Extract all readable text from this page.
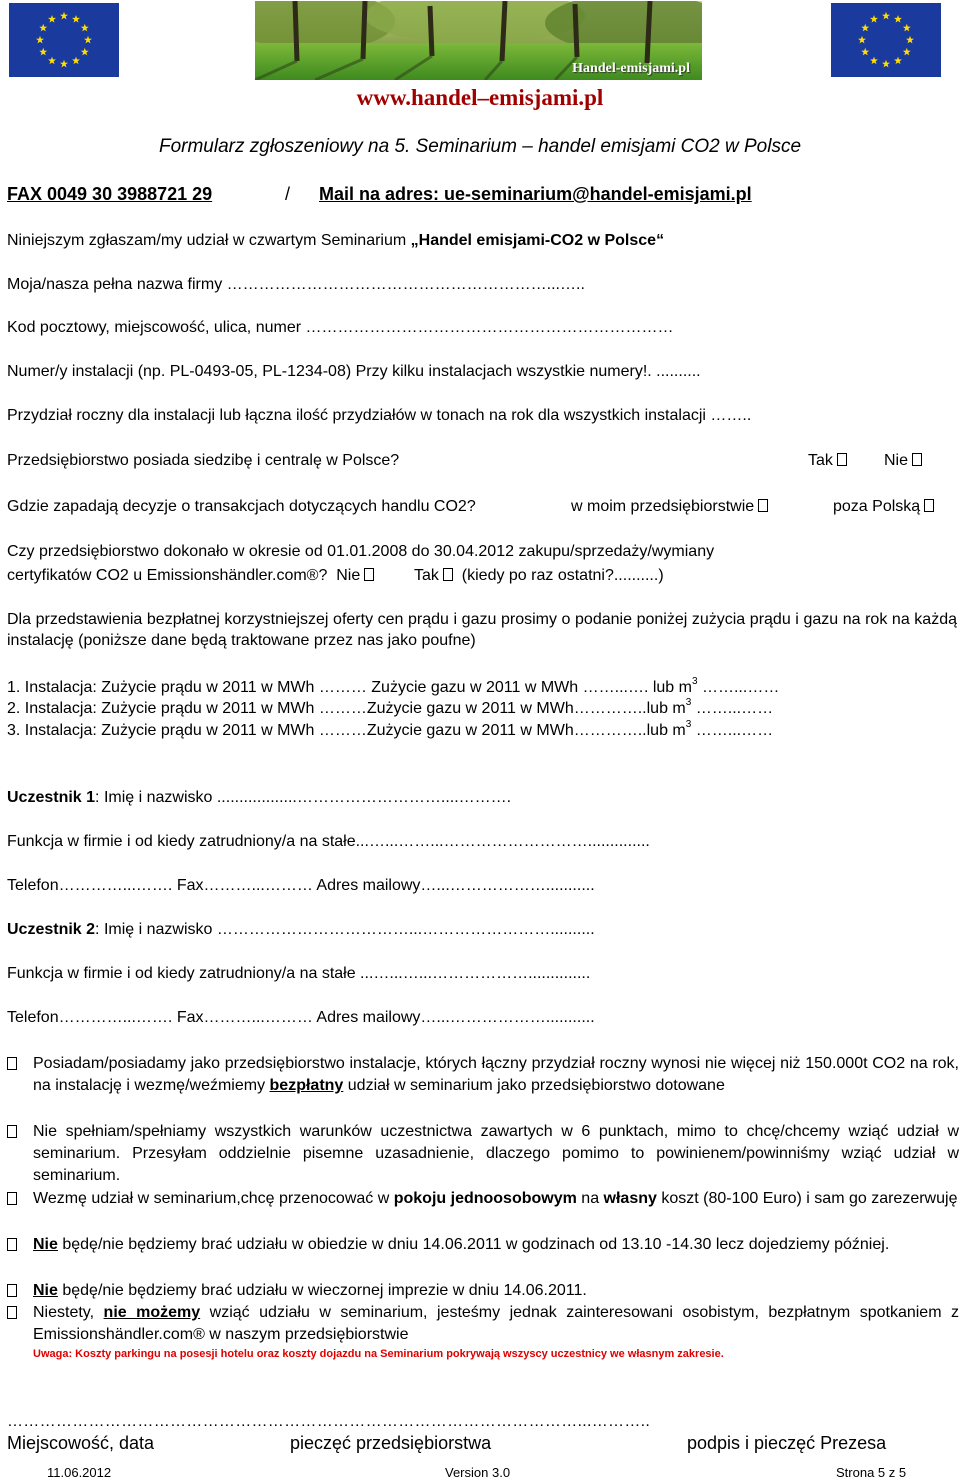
Handel-emisjami.pl
www.handel–emisjami.pl
Formularz zgłoszeniowy na 5. Seminarium – handel emisjami CO2 w Polsce
FAX 0049 30 3988721 29	/ Mail na adres: ue-seminarium@handel-emisjami.pl
Niniejszym zgłaszam/my udział w czwartym Seminarium „Handel emisjami-CO2 w Polsce“
Moja/nasza pełna nazwa firmy ……………………………………………………...…..
Kod pocztowy, miejscowość, ulica, numer ……………………………………………………………
Numer/y instalacji (np. PL-0493-05, PL-1234-08) Przy kilku instalacjach wszystkie numery!. ..........
Przydział roczny dla instalacji lub łączna ilość przydziałów w tonach na rok dla wszystkich instalacji ……..
Przedsiębiorstwo posiada siedzibę i centralę w Polsce?	Tak	Nie
Gdzie zapadają decyzje o transakcjach dotyczących handlu CO2?	w moim przedsiębiorstwie	poza Polską
Czy przedsiębiorstwo dokonało w okresie od 01.01.2008 do 30.04.2012 zakupu/sprzedaży/wymiany
certyfikatów CO2 u Emissionshändler.com®? Nie	Tak (kiedy po raz ostatni?..........)
Dla przedstawienia bezpłatnej korzystniejszej oferty cen prądu i gazu prosimy o podanie poniżej zużycia prądu i gazu na rok na każdą instalację (poniższe dane będą traktowane przez nas jako poufne)
1. Instalacja: Zużycie prądu w 2011 w MWh ……… Zużycie gazu w 2011 w MWh ……...…. lub $m^3$ ……...……
2. Instalacja: Zużycie prądu w 2011 w MWh ………Zużycie gazu w 2011 w MWh…………..lub $m^3$ ……...……
3. Instalacja: Zużycie prądu w 2011 w MWh ………Zużycie gazu w 2011 w MWh…………..lub $m^3$ ……...……
Uczestnik 1: Imię i nazwisko ..................………………………....……….
Funkcja w firmie i od kiedy zatrudniony/a na stałe...…...……...………………………..............
Telefon…………...……. Fax………...……… Adres mailowy…...………………...........
Uczestnik 2: Imię i nazwisko ………………………………...……………………..........
Funkcja w firmie i od kiedy zatrudniony/a na stałe ...…...…...………………..............
Telefon…………...……. Fax………...……… Adres mailowy…...………………...........
Posiadam/posiadamy jako przedsiębiorstwo instalacje, których łączny przydział roczny wynosi nie więcej niż 150.000t CO2 na rok, na instalację i wezmę/weźmiemy bezpłatny udział w seminarium jako przedsiębiorstwo dotowane
Nie spełniam/spełniamy wszystkich warunków uczestnictwa zawartych w 6 punktach, mimo to chcę/chcemy wziąć udział w seminarium. Przesyłam oddzielnie pisemne uzasadnienie, dlaczego pomimo to powinienem/powinniśmy wziąć udział w seminarium.
Wezmę udział w seminarium,chcę przenocować w pokoju jednoosobowym na własny koszt (80-100 Euro) i sam go zarezerwuję
Nie będę/nie będziemy brać udziału w obiedzie w dniu 14.06.2011 w godzinach od 13.10 -14.30 lecz dojedziemy później.
Nie będę/nie będziemy brać udziału w wieczornej imprezie w dniu 14.06.2011.
Niestety, nie możemy wziąć udziału w seminarium, jesteśmy jednak zainteresowani osobistym, bezpłatnym spotkaniem z Emissionshändler.com® w naszym przedsiębiorstwie
Uwaga: Koszty parkingu na posesji hotelu oraz koszty dojazdu na Seminarium pokrywają wszyscy uczestnicy we własnym zakresie.
……………………………………………………………………………………………...………..
Miejscowość, data	pieczęć przedsiębiorstwa	podpis i pieczęć Prezesa
11.06.2012	Version 3.0	Strona 5 z 5
